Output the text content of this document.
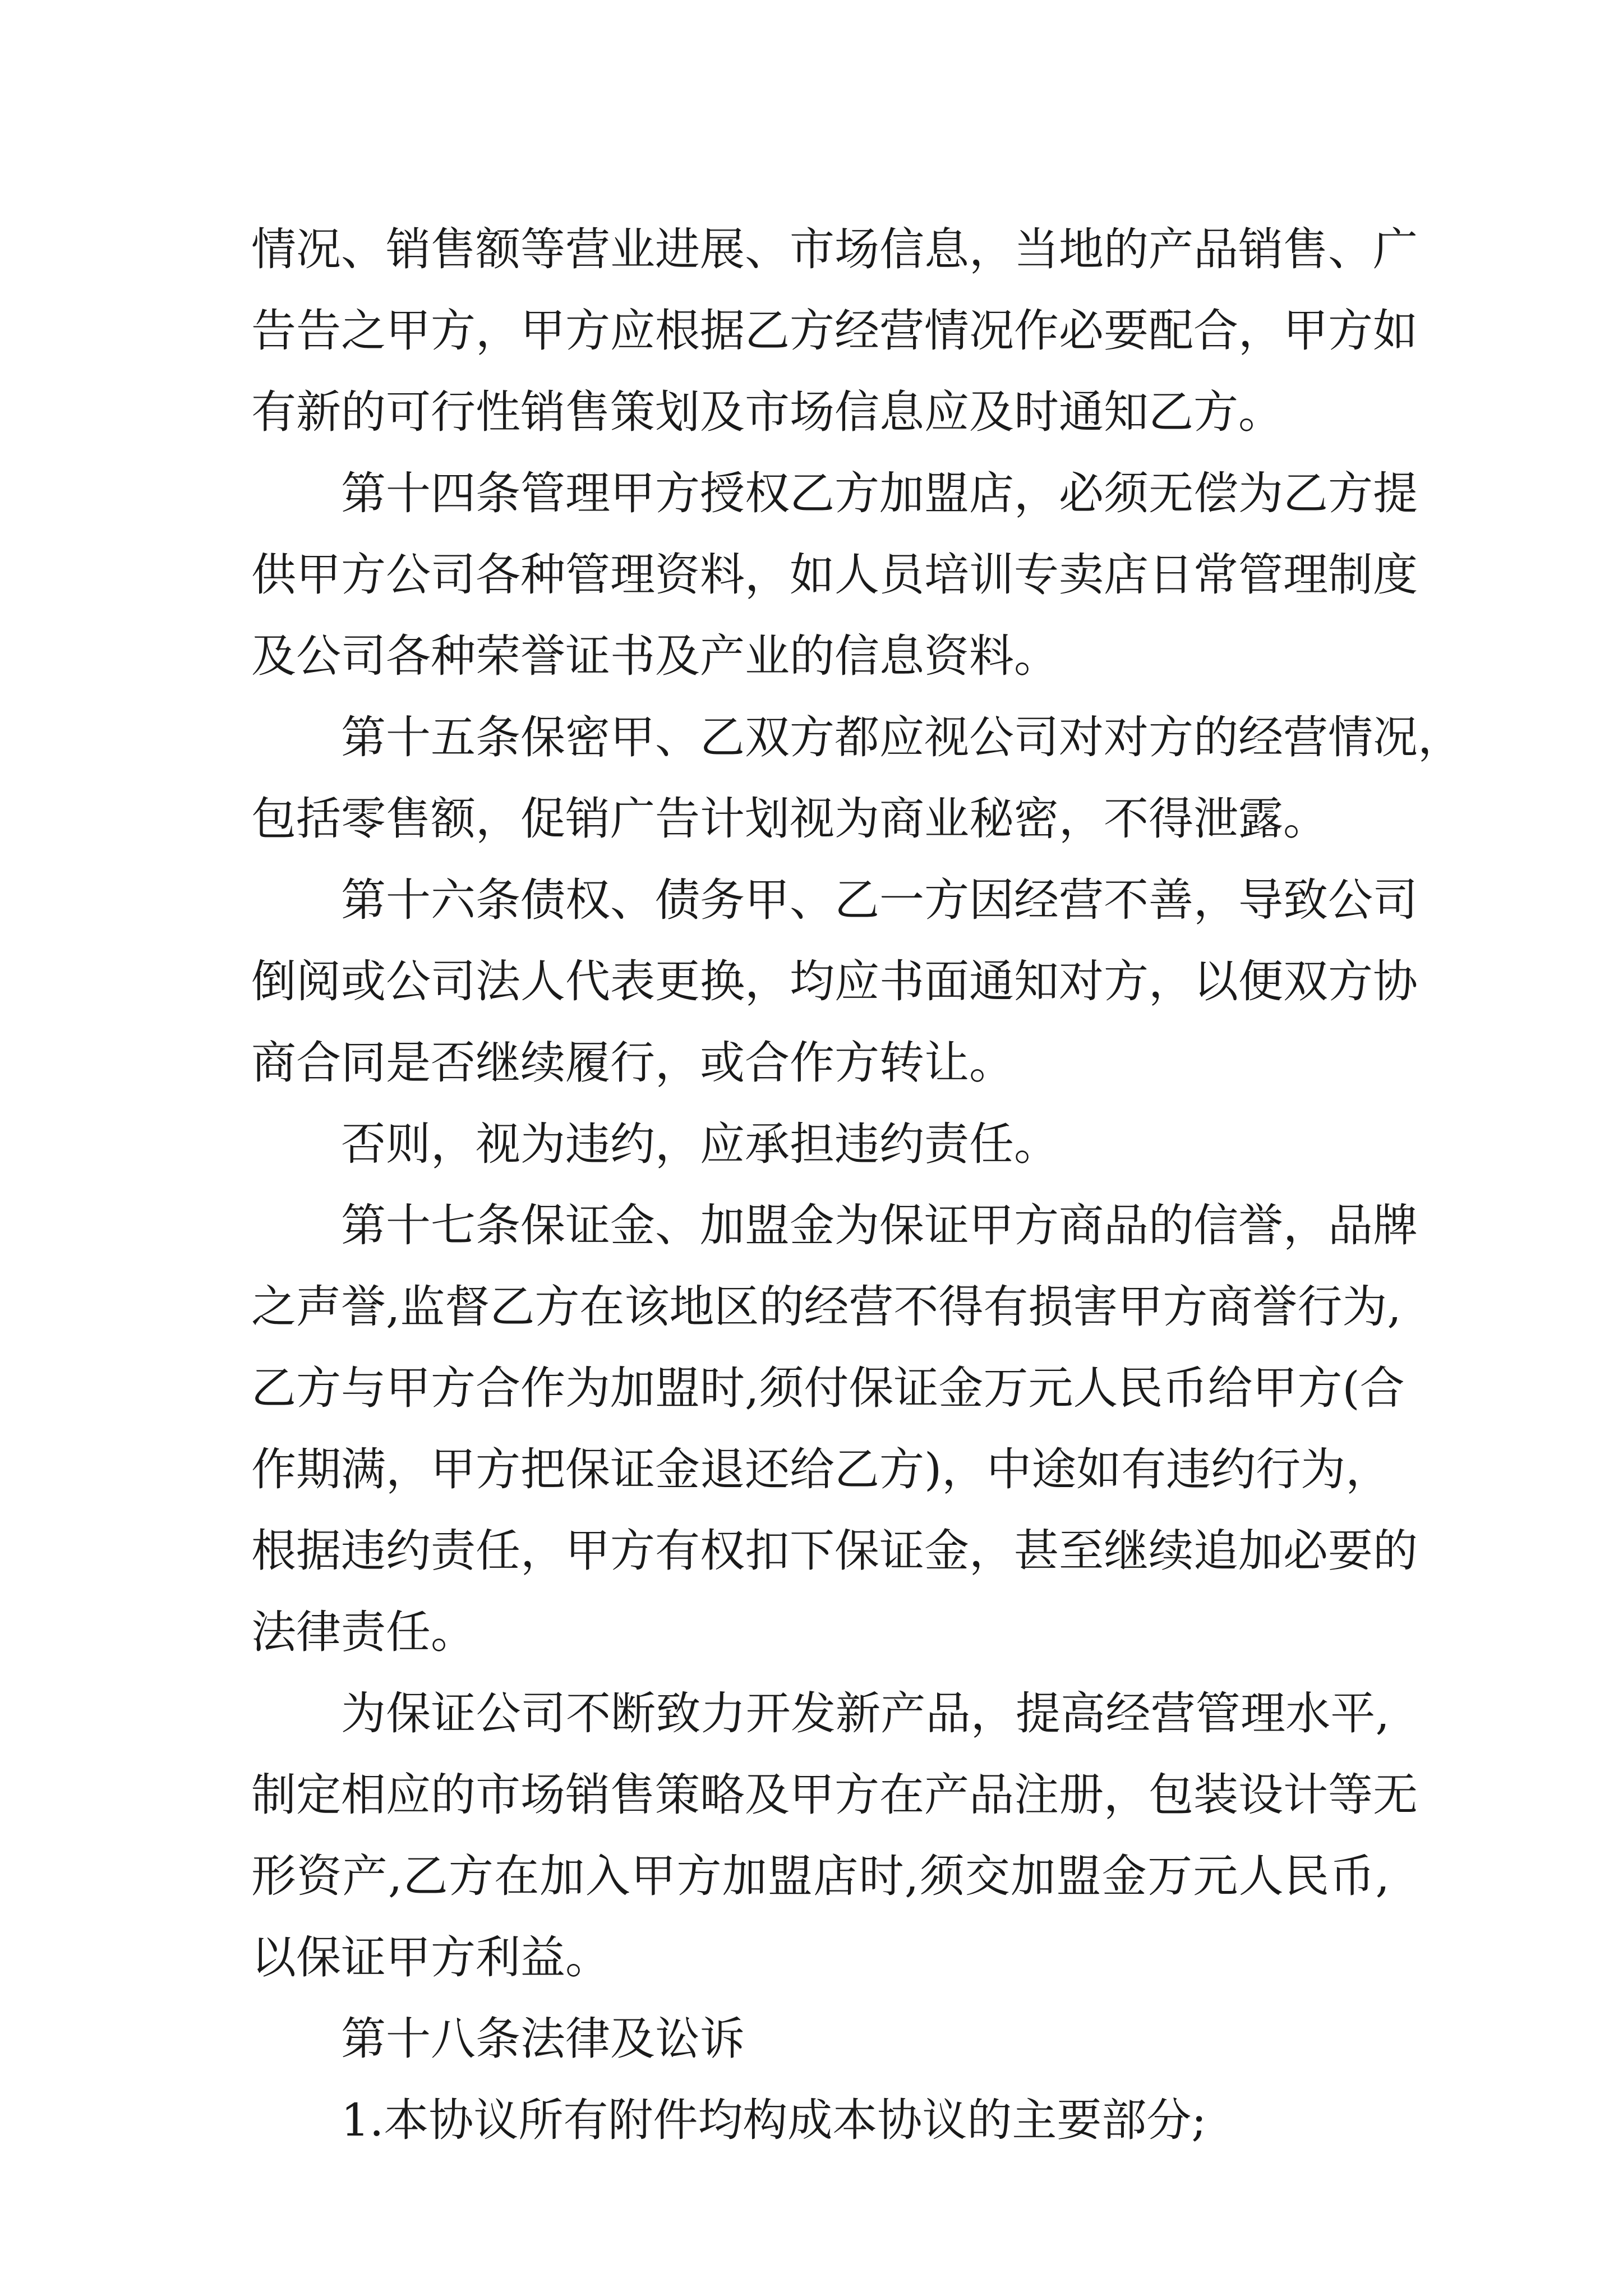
情况、销售额等营业进展、市场信息，当地的产品销售、广
告告之甲方，甲方应根据乙方经营情况作必要配合，甲方如
有新的可行性销售策划及市场信息应及时通知乙方。
第十四条管理甲方授权乙方加盟店，必须无偿为乙方提
供甲方公司各种管理资料，如人员培训专卖店日常管理制度
及公司各种荣誉证书及产业的信息资料。
第十五条保密甲、乙双方都应视公司对对方的经营情况，
包括零售额，促销广告计划视为商业秘密，不得泄露。
第十六条债权、债务甲、乙一方因经营不善，导致公司
倒阅或公司法人代表更换，均应书面通知对方，以便双方协
商合同是否继续履行，或合作方转让。
否则，视为违约，应承担违约责任。
第十七条保证金、加盟金为保证甲方商品的信誉，品牌
之声誉,监督乙方在该地区的经营不得有损害甲方商誉行为,
乙方与甲方合作为加盟时,须付保证金万元人民币给甲方(合
作期满，甲方把保证金退还给乙方)，中途如有违约行为，
根据违约责任，甲方有权扣下保证金，甚至继续追加必要的
法律责任。
为保证公司不断致力开发新产品，提高经营管理水平,
制定相应的市场销售策略及甲方在产品注册，包装设计等无
形资产,乙方在加入甲方加盟店时,须交加盟金万元人民币,
以保证甲方利益。
第十八条法律及讼诉
1.本协议所有附件均构成本协议的主要部分;
